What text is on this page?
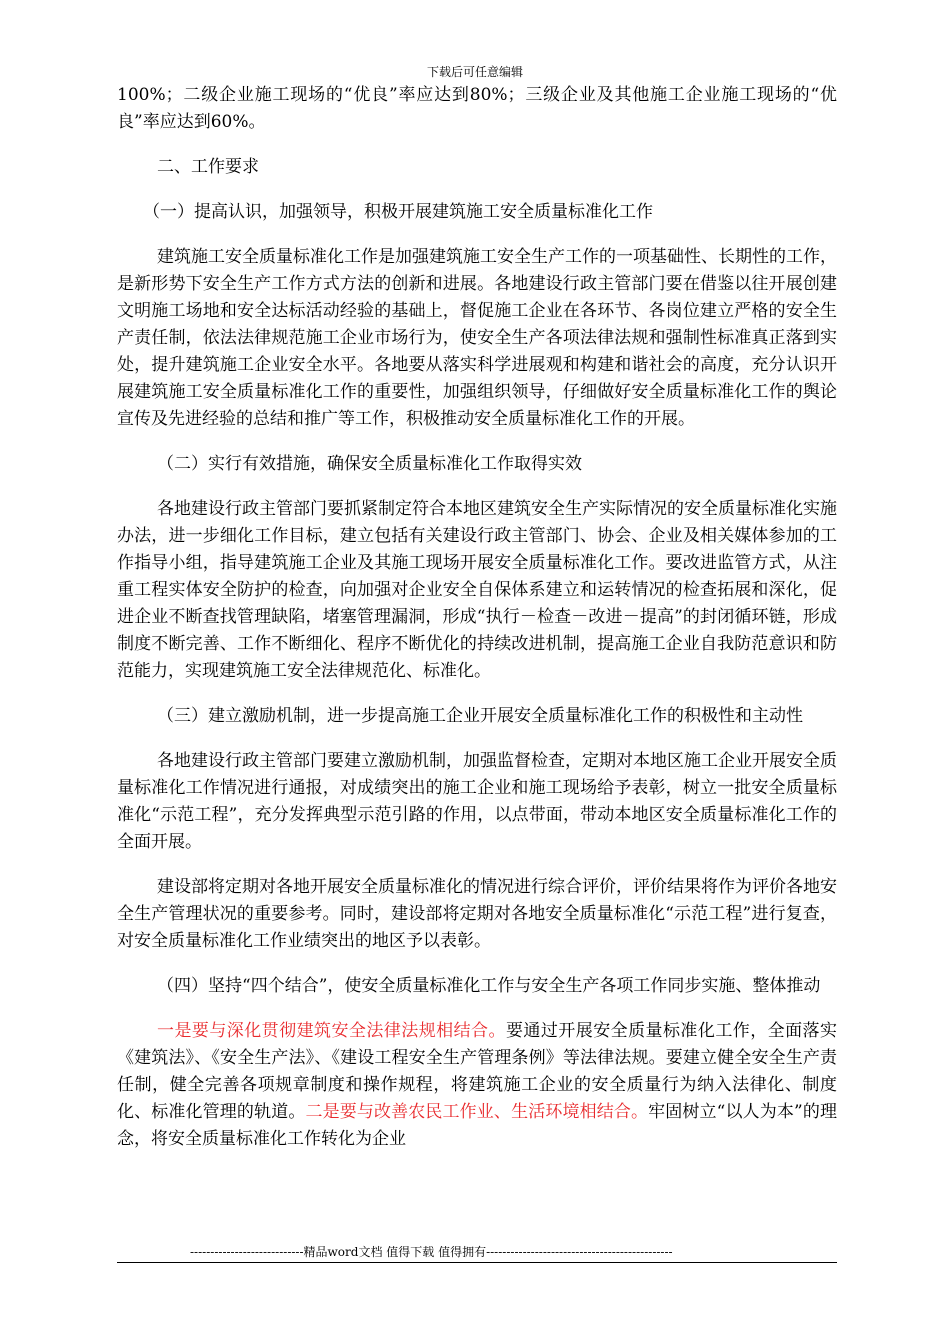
下载后可任意编辑

100%；二级企业施工现场的“优良”率应达到80%；三级企业及其他施工企业施工现场的“优良”率应达到60%。

二、工作要求

（一）提高认识，加强领导，积极开展建筑施工安全质量标准化工作

建筑施工安全质量标准化工作是加强建筑施工安全生产工作的一项基础性、长期性的工作，是新形势下安全生产工作方式方法的创新和进展。各地建设行政主管部门要在借鉴以往开展创建文明施工场地和安全达标活动经验的基础上，督促施工企业在各环节、各岗位建立严格的安全生产责任制，依法法律规范施工企业市场行为，使安全生产各项法律法规和强制性标准真正落到实处，提升建筑施工企业安全水平。各地要从落实科学进展观和构建和谐社会的高度，充分认识开展建筑施工安全质量标准化工作的重要性，加强组织领导，仔细做好安全质量标准化工作的舆论宣传及先进经验的总结和推广等工作，积极推动安全质量标准化工作的开展。

（二）实行有效措施，确保安全质量标准化工作取得实效

各地建设行政主管部门要抓紧制定符合本地区建筑安全生产实际情况的安全质量标准化实施办法，进一步细化工作目标，建立包括有关建设行政主管部门、协会、企业及相关媒体参加的工作指导小组，指导建筑施工企业及其施工现场开展安全质量标准化工作。要改进监管方式，从注重工程实体安全防护的检查，向加强对企业安全自保体系建立和运转情况的检查拓展和深化，促进企业不断查找管理缺陷，堵塞管理漏洞，形成“执行－检查－改进－提高”的封闭循环链，形成制度不断完善、工作不断细化、程序不断优化的持续改进机制，提高施工企业自我防范意识和防范能力，实现建筑施工安全法律规范化、标准化。

（三）建立激励机制，进一步提高施工企业开展安全质量标准化工作的积极性和主动性

各地建设行政主管部门要建立激励机制，加强监督检查，定期对本地区施工企业开展安全质量标准化工作情况进行通报，对成绩突出的施工企业和施工现场给予表彰，树立一批安全质量标准化“示范工程”，充分发挥典型示范引路的作用，以点带面，带动本地区安全质量标准化工作的全面开展。

建设部将定期对各地开展安全质量标准化的情况进行综合评价，评价结果将作为评价各地安全生产管理状况的重要参考。同时，建设部将定期对各地安全质量标准化“示范工程”进行复查，对安全质量标准化工作业绩突出的地区予以表彰。

（四）坚持“四个结合”，使安全质量标准化工作与安全生产各项工作同步实施、整体推动

一是要与深化贯彻建筑安全法律法规相结合。要通过开展安全质量标准化工作，全面落实《建筑法》、《安全生产法》、《建设工程安全生产管理条例》等法律法规。要建立健全安全生产责任制，健全完善各项规章制度和操作规程，将建筑施工企业的安全质量行为纳入法律化、制度化、标准化管理的轨道。二是要与改善农民工作业、生活环境相结合。牢固树立“以人为本”的理念，将安全质量标准化工作转化为企业

----------------------------精品word文档 值得下载 值得拥有----------------------------------------------
